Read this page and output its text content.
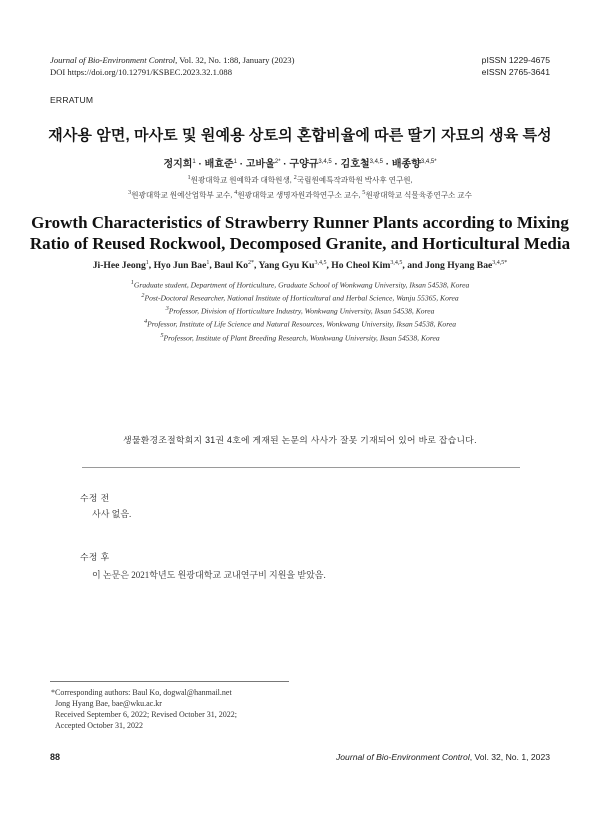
Journal of Bio-Environment Control, Vol. 32, No. 1:88, January (2023)
DOI https://doi.org/10.12791/KSBEC.2023.32.1.088
pISSN 1229-4675
eISSN 2765-3641
ERRATUM
재사용 암면, 마사토 및 원예용 상토의 혼합비율에 따른 딸기 자묘의 생육 특성
정지희$^1$ · 배효준$^1$ · 고바울$^{2*}$ · 구양규$^{3,4,5}$ · 김호철$^{3,4,5}$ · 배종향$^{3,4,5*}$
$^1$원광대학교 원예학과 대학원생, $^2$국립원예특작과학원 박사후 연구원,
$^3$원광대학교 원예산업학부 교수, $^4$원광대학교 생명자원과학연구소 교수, $^5$원광대학교 식물육종연구소 교수
Growth Characteristics of Strawberry Runner Plants according to Mixing
Ratio of Reused Rockwool, Decomposed Granite, and Horticultural Media
Ji-Hee Jeong$^1$, Hyo Jun Bae$^1$, Baul $Ko^{2*}$, Yang Gyu Ku$^{3,4,5}$, Ho Cheol Kim$^{3,4,5}$, and Jong Hyang Bae$^{3,4,5*}$
$^1$Graduate student, Department of Horticulture, Graduate School of Wonkwang University, Iksan 54538, Korea
$^2$Post-Doctoral Researcher, National Institute of Horticultural and Herbal Science, Wanju 55365, Korea
$^3$Professor, Division of Horticulture Industry, Wonkwang University, Iksan 54538, Korea
$^4$Professor, Institute of Life Science and Natural Resources, Wonkwang University, Iksan 54538, Korea
$^5$Professor, Institute of Plant Breeding Research, Wonkwang University, Iksan 54538, Korea
생물환경조절학회지 31권 4호에 게재된 논문의 사사가 잘못 기재되어 있어 바로 잡습니다.
수정 전
사사 없음.
수정 후
이 논문은 2021학년도 원광대학교 교내연구비 지원을 받았음.
*Corresponding authors: Baul Ko, dogwal@hanmail.net
Jong Hyang Bae, bae@wku.ac.kr
Received September 6, 2022; Revised October 31, 2022;
Accepted October 31, 2022
88	Journal of Bio-Environment Control, Vol. 32, No. 1, 2023
